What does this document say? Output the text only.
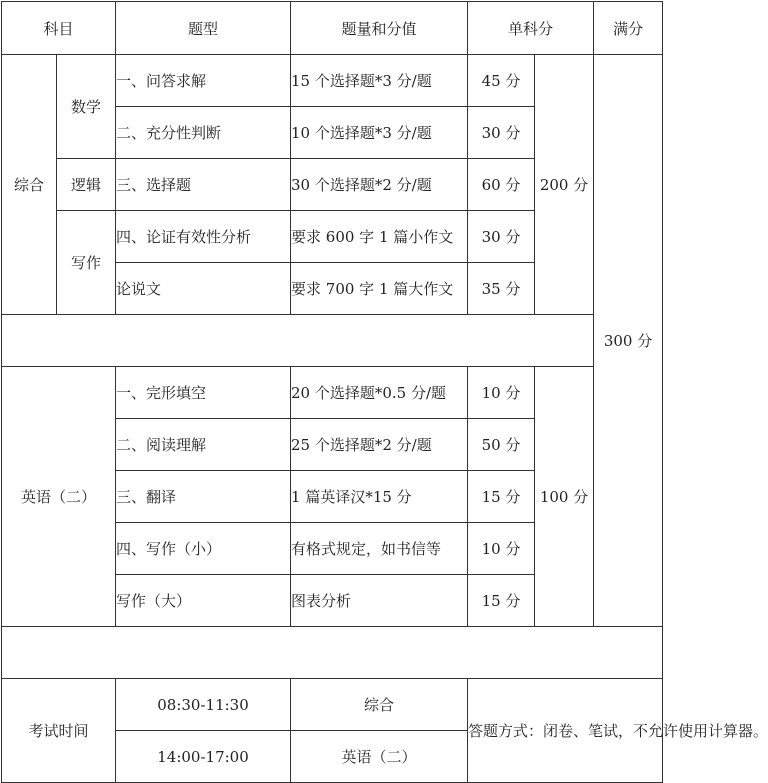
科目		题型	题量和分值	单科分		满分
综合	数学	一、问答求解	15 个选择题*3 分/题	45 分	200 分	300 分
		二、充分性判断	10 个选择题*3 分/题	30 分		
	逻辑	三、选择题	30 个选择题*2 分/题	60 分		
	写作	四、论证有效性分析	要求 600 字 1 篇小作文	30 分		
		论说文	要求 700 字 1 篇大作文	35 分		

英语（二）		一、完形填空	20 个选择题*0.5 分/题	10 分	100 分	
		二、阅读理解	25 个选择题*2 分/题	50 分		
		三、翻译	1 篇英译汉*15 分	15 分		
		四、写作（小）	有格式规定，如书信等	10 分		
		写作（大）	图表分析	15 分		

考试时间		08:30-11:30	综合	答题方式：闭卷、笔试，不允许使用计算器。		
		14:00-17:00	英语（二）			
